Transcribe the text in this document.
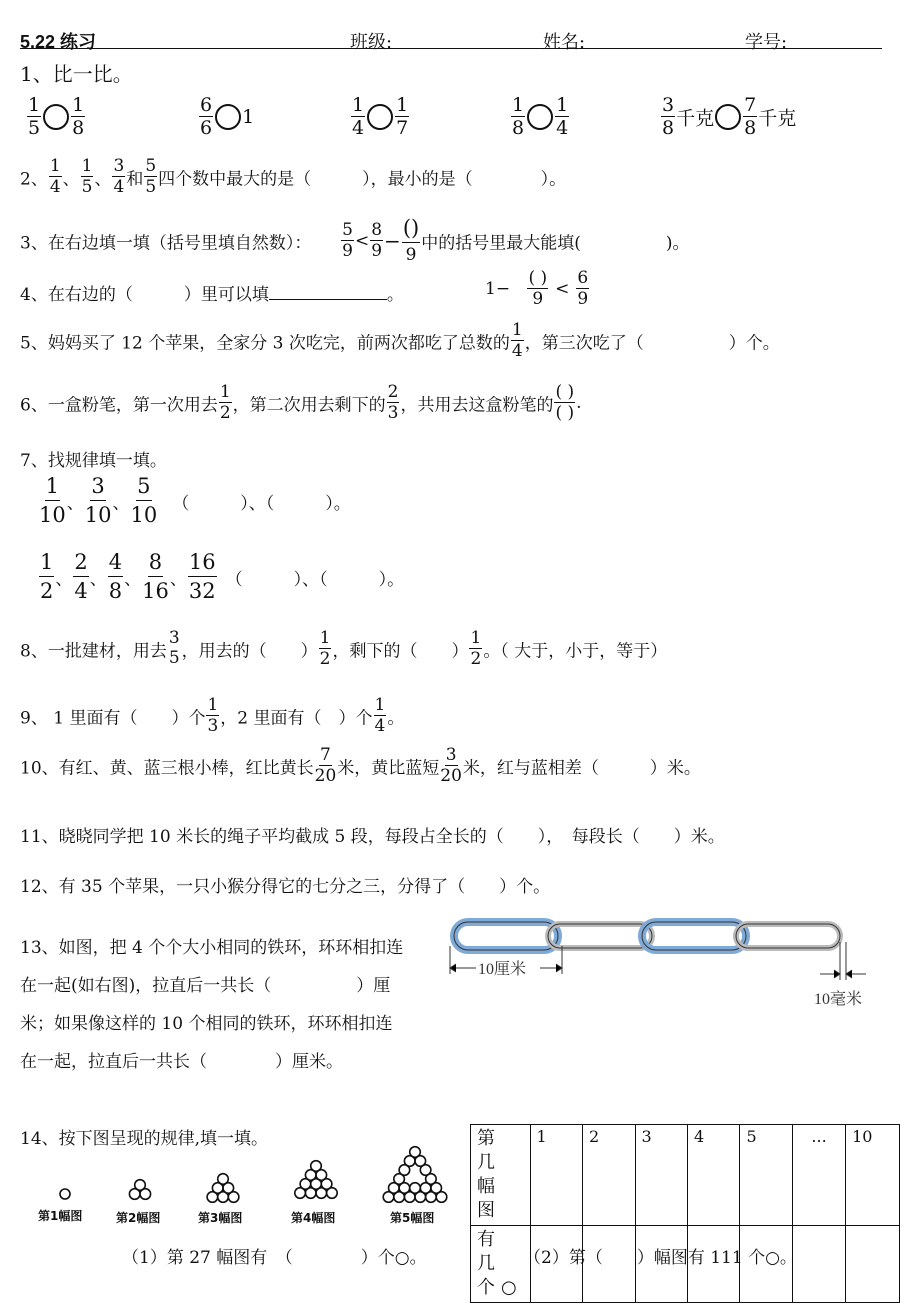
5.22 练习	班级:	姓名:	学号:
1、比一比。
$\frac{1}{5} \frac{1}{8}$	$\frac{6}{6} 1$	$\frac{1}{4} \frac{1}{7}$	$\frac{1}{8} \frac{1}{4}$	$\frac{3}{8}$ 千克 $\frac{7}{8}$ 千克
2、 $\frac{1}{4}$ 、 $\frac{1}{5}$ 、 $\frac{3}{4}$ 和 $\frac{5}{5}$ 四个数中最大的是（　　　），最小的是（　　　　）。
3、在右边填一填（括号里填自然数）： $\frac{5}{9} < \frac{8}{9} - \frac{()}{9}$ 中的括号里最大能填(　　　　　)。
4、在右边的（　　　）里可以填	。	$1- \frac{( )}{9} < \frac{6}{9}$
5、妈妈买了 12 个苹果，全家分 3 次吃完，前两次都吃了总数的 $\frac{1}{4}$ ，第三次吃了（　　　　　）个。
6、一盒粉笔，第一次用去 $\frac{1}{2}$ ，第二次用去剩下的 $\frac{2}{3}$ ，共用去这盒粉笔的 $\frac{( )}{( )}$ .
7、找规律填一填。
$\frac{1}{10}$ 、 $\frac{3}{10}$ 、 $\frac{5}{10}$ （　　　）、（　　　）。
$\frac{1}{2}$ 、 $\frac{2}{4}$ 、 $\frac{4}{8}$ 、 $\frac{8}{16}$ 、 $\frac{16}{32}$ （　　　）、（　　　）。
8、一批建材，用去
3
5 ，用去的（　　） $\frac{1}{2}$ ，剩下的（　　） $\frac{1}{2}$ 。（ 大于，小于，等于）
9、 1 里面有（　　）个 $\frac{1}{3}$ ，2 里面有（　）个 $\frac{1}{4}$ 。
10、有红、黄、蓝三根小棒，红比黄长 $\frac{7}{20}$ 米，黄比蓝短 $\frac{3}{20}$ 米，红与蓝相差（　　　）米。
11、晓晓同学把 10 米长的绳子平均截成 5 段，每段占全长的（　　），　每段长（　　）米。
12、有 35 个苹果，一只小猴分得它的七分之三，分得了（　　）个。
13、如图，把 4 个个大小相同的铁环，环环相扣连
在一起(如右图)，拉直后一共长（　　　　　）厘
米；如果像这样的 10 个相同的铁环，环环相扣连
在一起，拉直后一共长（　　　　）厘米。
10厘米
10毫米
14、按下图呈现的规律,填一填。
第1幅图	第2幅图	第3幅图	第4幅图	第5幅图
第几幅图	1	2	3	4	5	...	10
有几个○							
（1）第 27 幅图有　（　　　　）个○。	（2）第（　　）幅图有 111 个○。
